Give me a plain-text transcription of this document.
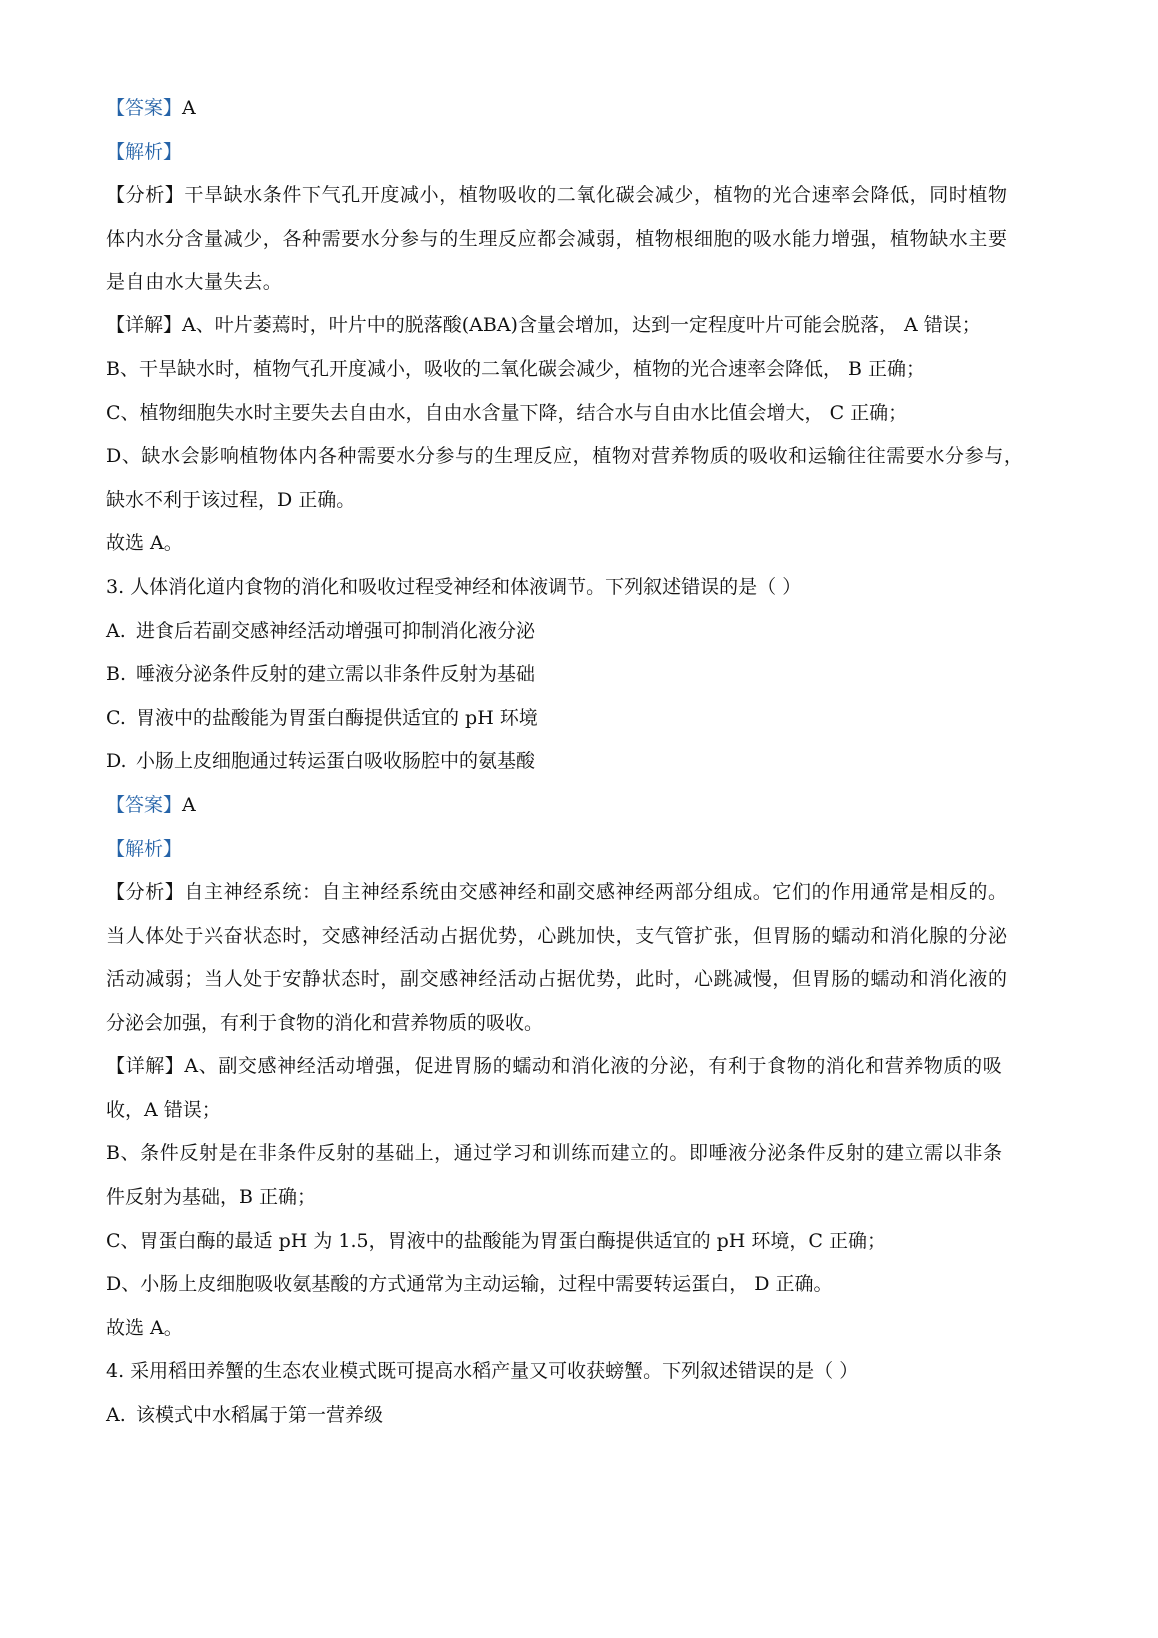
【答案】A
【解析】
【分析】干旱缺水条件下气孔开度减小，植物吸收的二氧化碳会减少，植物的光合速率会降低，同时植物
体内水分含量减少，各种需要水分参与的生理反应都会减弱，植物根细胞的吸水能力增强，植物缺水主要
是自由水大量失去。
【详解】A、叶片萎蔫时，叶片中的脱落酸(ABA)含量会增加，达到一定程度叶片可能会脱落， A 错误；
B、干旱缺水时，植物气孔开度减小，吸收的二氧化碳会减少，植物的光合速率会降低， B 正确；
C、植物细胞失水时主要失去自由水，自由水含量下降，结合水与自由水比值会增大， C 正确；
D、缺水会影响植物体内各种需要水分参与的生理反应，植物对营养物质的吸收和运输往往需要水分参与，
缺水不利于该过程，D 正确。
故选 A。
3. 人体消化道内食物的消化和吸收过程受神经和体液调节。下列叙述错误的是（ ）
A. 进食后若副交感神经活动增强可抑制消化液分泌
B. 唾液分泌条件反射的建立需以非条件反射为基础
C. 胃液中的盐酸能为胃蛋白酶提供适宜的 pH 环境
D. 小肠上皮细胞通过转运蛋白吸收肠腔中的氨基酸
【答案】A
【解析】
【分析】自主神经系统：自主神经系统由交感神经和副交感神经两部分组成。它们的作用通常是相反的。
当人体处于兴奋状态时，交感神经活动占据优势，心跳加快，支气管扩张，但胃肠的蠕动和消化腺的分泌
活动减弱；当人处于安静状态时，副交感神经活动占据优势，此时，心跳减慢，但胃肠的蠕动和消化液的
分泌会加强，有利于食物的消化和营养物质的吸收。
【详解】A、副交感神经活动增强，促进胃肠的蠕动和消化液的分泌，有利于食物的消化和营养物质的吸
收，A 错误；
B、条件反射是在非条件反射的基础上，通过学习和训练而建立的。即唾液分泌条件反射的建立需以非条
件反射为基础，B 正确；
C、胃蛋白酶的最适 pH 为 1.5，胃液中的盐酸能为胃蛋白酶提供适宜的 pH 环境，C 正确；
D、小肠上皮细胞吸收氨基酸的方式通常为主动运输，过程中需要转运蛋白， D 正确。
故选 A。
4. 采用稻田养蟹的生态农业模式既可提高水稻产量又可收获螃蟹。下列叙述错误的是（ ）
A. 该模式中水稻属于第一营养级
